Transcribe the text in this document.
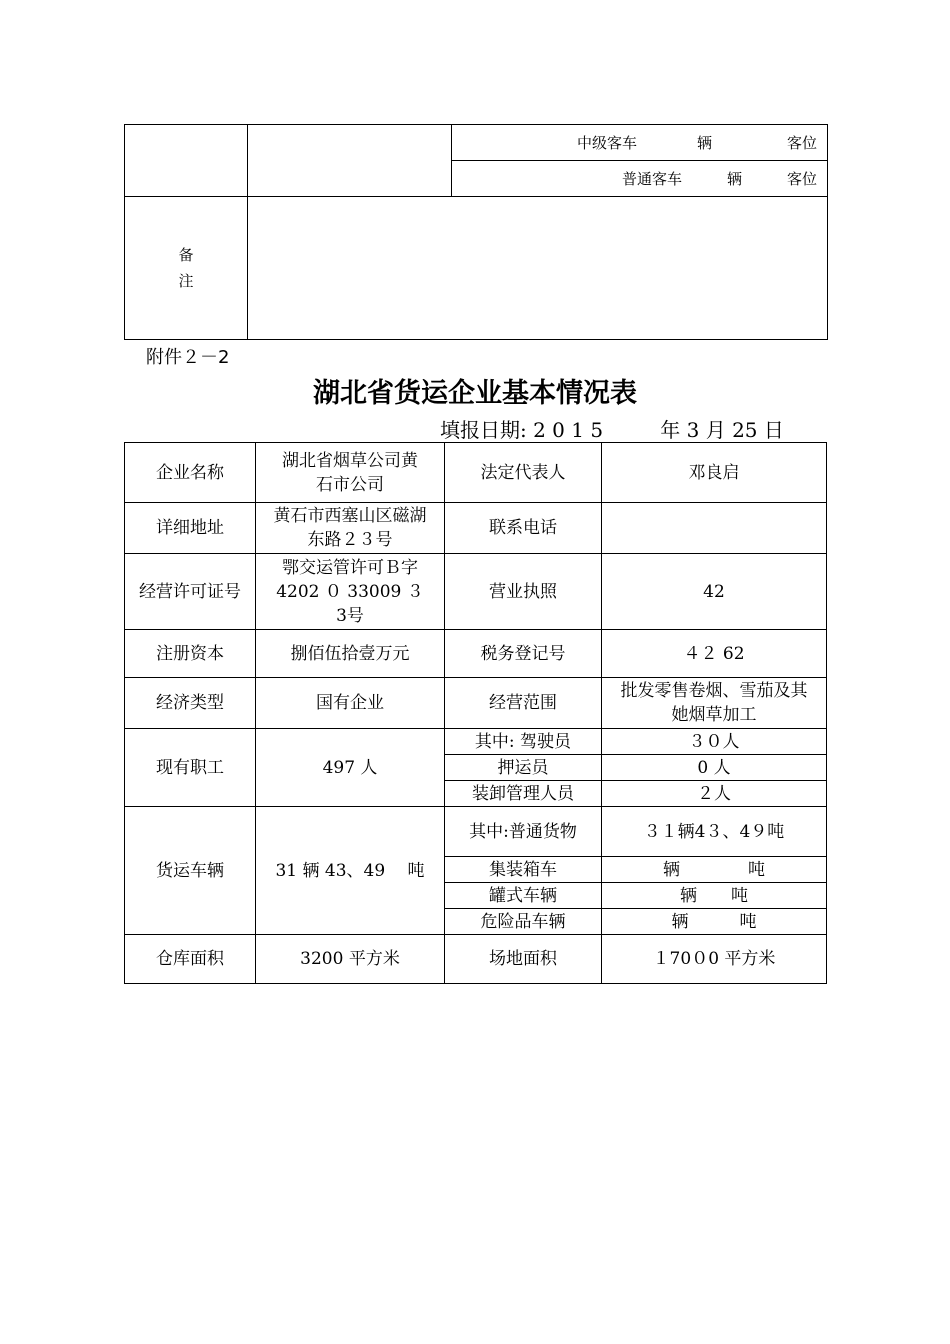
		中级客车　　　　辆　　　　　客位
		普通客车　　　辆　　　客位

备
注		

附件２－2
湖北省货运企业基本情况表
填报日期: 2 0 1 5         年 3 月 25 日
企业名称	湖北省烟草公司黄石市公司	法定代表人	邓良启
详细地址	黄石市西塞山区磁湖东路２３号	联系电话	
经营许可证号	鄂交运管许可Ｂ字4202 ０ 33009 ３ 3号	营业执照	42
注册资本	捌佰伍拾壹万元	税务登记号	４２ 62
经济类型	国有企业	经营范围	批发零售卷烟、雪茄及其她烟草加工
现有职工	497 人	其中: 驾驶员	３０人
		押运员	0 人
		装卸管理人员	２人
货运车辆	31 辆 43、49　 吨	其中:普通货物	３１辆4３、4９吨
		集装箱车	辆　　　　吨
		罐式车辆	辆　　吨
		危险品车辆	辆　　　吨
仓库面积	3200 平方米	场地面积	１70０0 平方米
